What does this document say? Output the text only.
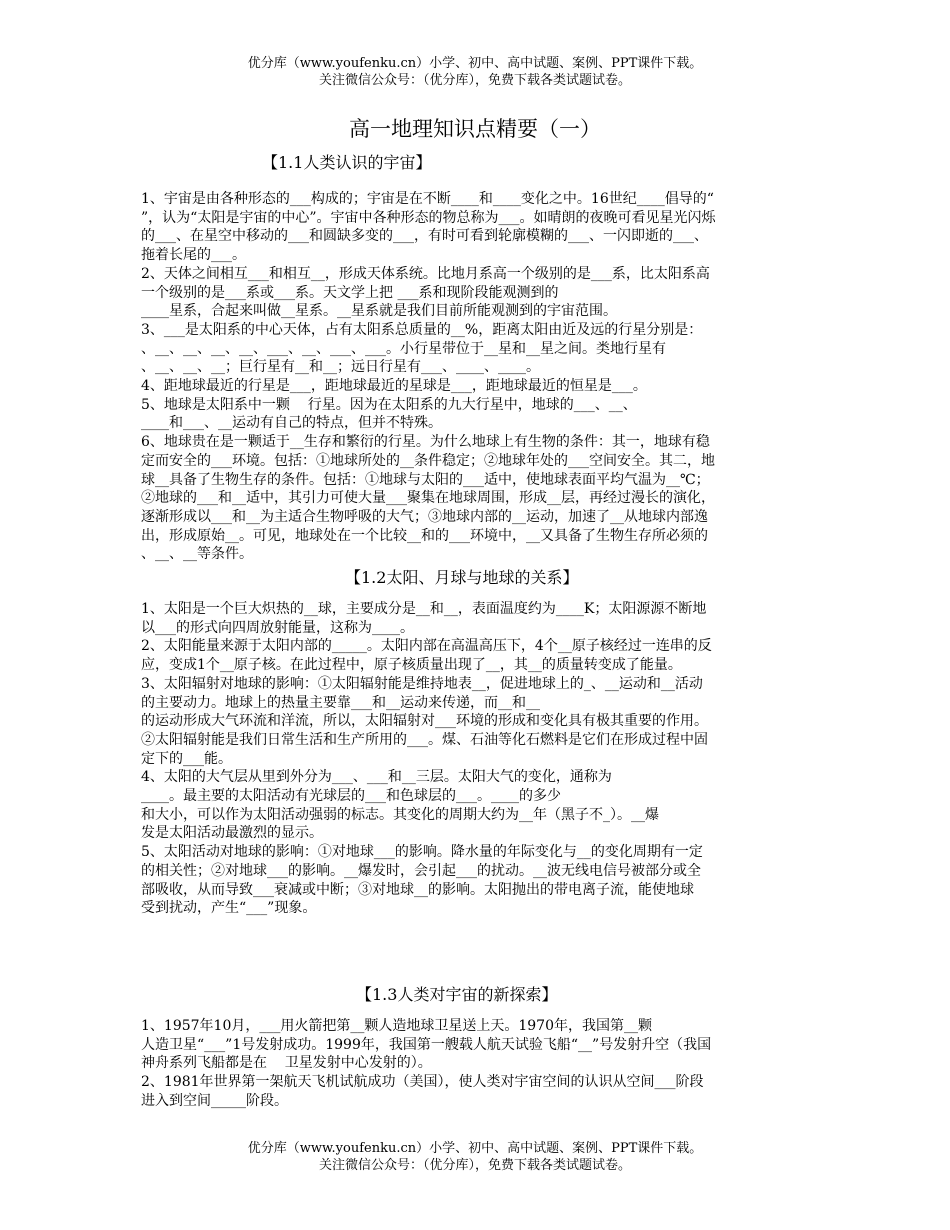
优分库（www.youfenku.cn）小学、初中、高中试题、案例、PPT课件下载。
关注微信公众号：（优分库），免费下载各类试题试卷。
高一地理知识点精要（一）
【1.1人类认识的宇宙】

1、宇宙是由各种形态的___构成的；宇宙是在不断____和____变化之中。16世纪____倡导的“

”，认为“太阳是宇宙的中心”。宇宙中各种形态的物总称为___。如晴朗的夜晚可看见星光闪烁

的___、在星空中移动的___和圆缺多变的___，有时可看到轮廓模糊的___、一闪即逝的___、

拖着长尾的___。

2、天体之间相互___和相互__，形成天体系统。比地月系高一个级别的是___系，比太阳系高

一个级别的是___系或___系。天文学上把 ___系和现阶段能观测到的

____星系，合起来叫做__星系。__星系就是我们目前所能观测到的宇宙范围。

3、___是太阳系的中心天体，占有太阳系总质量的__%，距离太阳由近及远的行星分别是：

、__、__、__、__、___、__、___、___。小行星带位于__星和__星之间。类地行星有

、__、__、__；巨行星有__和__；远日行星有___、____、____。

4、距地球最近的行星是___，距地球最近的星球是___，距地球最近的恒星是___。

5、地球是太阳系中一颗    行星。因为在太阳系的九大行星中，地球的___、__、

____和___、__运动有自己的特点，但并不特殊。

6、地球贵在是一颗适于__生存和繁衍的行星。为什么地球上有生物的条件：其一，地球有稳

定而安全的___环境。包括：①地球所处的__条件稳定；②地球年处的___空间安全。其二，地

球__具备了生物生存的条件。包括：①地球与太阳的___适中，使地球表面平均气温为__℃；

②地球的___和__适中，其引力可使大量___聚集在地球周围，形成__层，再经过漫长的演化，

逐渐形成以___和__为主适合生物呼吸的大气；③地球内部的__运动，加速了__从地球内部逸

出，形成原始__。可见，地球处在一个比较__和的___环境中，__又具备了生物生存所必须的

、__、__等条件。

【1.2太阳、月球与地球的关系】

1、太阳是一个巨大炽热的__球，主要成分是__和__，表面温度约为____K；太阳源源不断地

以___的形式向四周放射能量，这称为____。

2、太阳能量来源于太阳内部的_____。太阳内部在高温高压下，4个__原子核经过一连串的反

应，变成1个__原子核。在此过程中，原子核质量出现了__，其__的质量转变成了能量。

3、太阳辐射对地球的影响：①太阳辐射能是维持地表__，促进地球上的_、__运动和__活动

的主要动力。地球上的热量主要靠___和__运动来传递，而__和__

的运动形成大气环流和洋流，所以，太阳辐射对___环境的形成和变化具有极其重要的作用。

②太阳辐射能是我们日常生活和生产所用的___。煤、石油等化石燃料是它们在形成过程中固

定下的___能。

4、太阳的大气层从里到外分为___、___和__三层。太阳大气的变化，通称为

____。最主要的太阳活动有光球层的___和色球层的___。____的多少

和大小，可以作为太阳活动强弱的标志。其变化的周期大约为__年（黑子不_）。__爆

发是太阳活动最激烈的显示。

5、太阳活动对地球的影响：①对地球___的影响。降水量的年际变化与__的变化周期有一定

的相关性；②对地球___的影响。__爆发时，会引起___的扰动。__波无线电信号被部分或全

部吸收，从而导致___衰减或中断；③对地球__的影响。太阳抛出的带电离子流，能使地球

受到扰动，产生“___”现象。

【1.3人类对宇宙的新探索】

1、1957年10月，___用火箭把第__颗人造地球卫星送上天。1970年，我国第__颗

人造卫星“___”1号发射成功。1999年，我国第一艘载人航天试验飞船“__”号发射升空（我国

神舟系列飞船都是在    卫星发射中心发射的）。

2、1981年世界第一架航天飞机试航成功（美国），使人类对宇宙空间的认识从空间___阶段

进入到空间_____阶段。

优分库（www.youfenku.cn）小学、初中、高中试题、案例、PPT课件下载。
关注微信公众号：（优分库），免费下载各类试题试卷。
